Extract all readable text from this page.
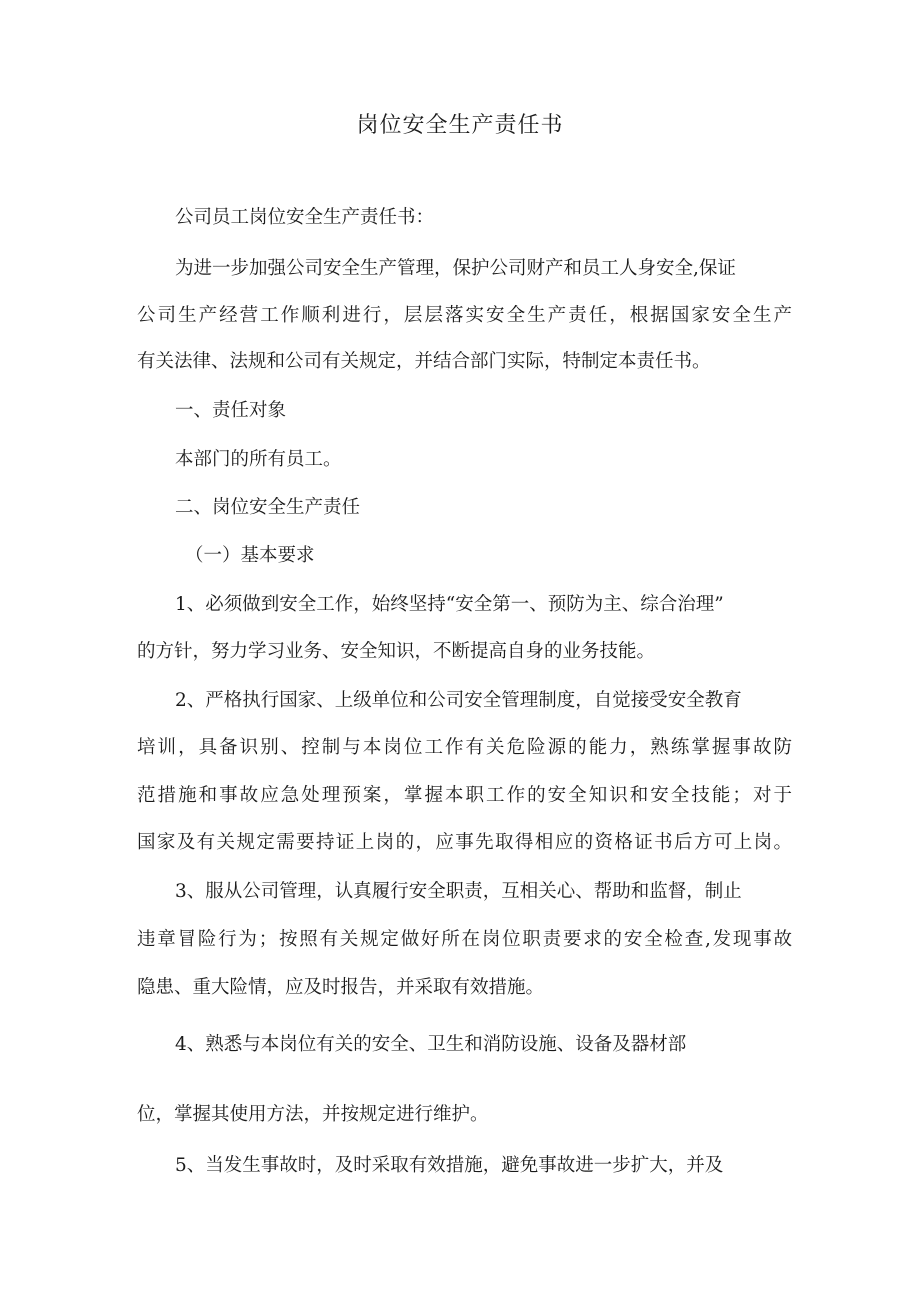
岗位安全生产责任书
公司员工岗位安全生产责任书：
为进一步加强公司安全生产管理，保护公司财产和员工人身安全,保证
公司生产经营工作顺利进行，层层落实安全生产责任，根据国家安全生产
有关法律、法规和公司有关规定，并结合部门实际，特制定本责任书。
一、责任对象
本部门的所有员工。
二、岗位安全生产责任
（一）基本要求
1、必须做到安全工作，始终坚持“安全第一、预防为主、综合治理”
的方针，努力学习业务、安全知识，不断提高自身的业务技能。
2、严格执行国家、上级单位和公司安全管理制度，自觉接受安全教育
培训，具备识别、控制与本岗位工作有关危险源的能力，熟练掌握事故防
范措施和事故应急处理预案，掌握本职工作的安全知识和安全技能；对于
国家及有关规定需要持证上岗的，应事先取得相应的资格证书后方可上岗。
3、服从公司管理，认真履行安全职责，互相关心、帮助和监督，制止
违章冒险行为；按照有关规定做好所在岗位职责要求的安全检查,发现事故
隐患、重大险情，应及时报告，并采取有效措施。
4、熟悉与本岗位有关的安全、卫生和消防设施、设备及器材部
位，掌握其使用方法，并按规定进行维护。
5、当发生事故时，及时采取有效措施，避免事故进一步扩大，并及
